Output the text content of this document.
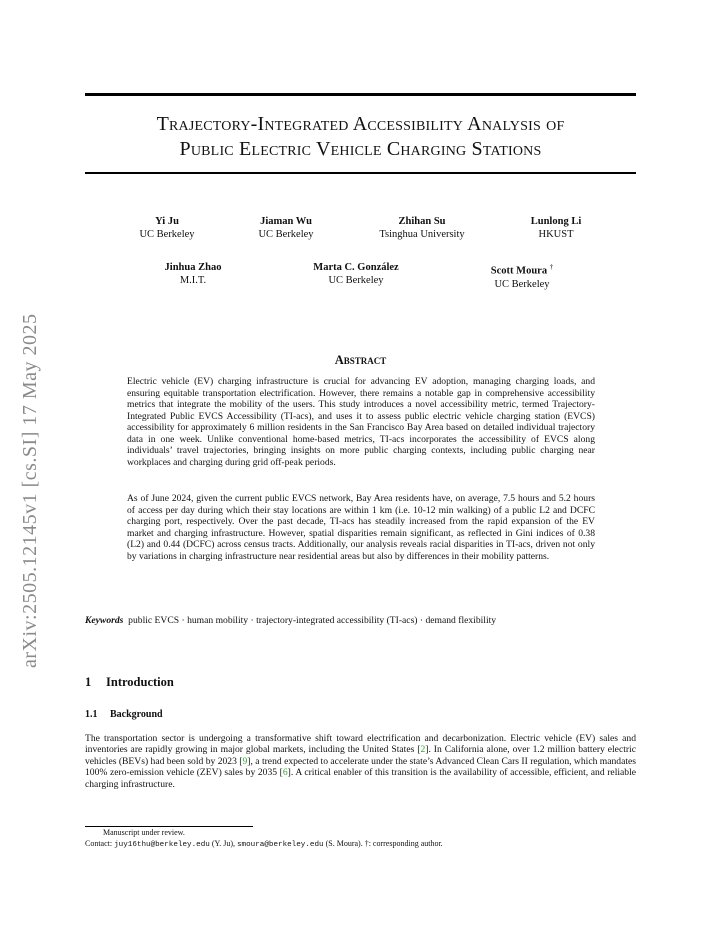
arXiv:2505.12145v1 [cs.SI] 17 May 2025
Trajectory-Integrated Accessibility Analysis of
Public Electric Vehicle Charging Stations
Yi Ju
UC Berkeley
Jiaman Wu
UC Berkeley
Zhihan Su
Tsinghua University
Lunlong Li
HKUST
Jinhua Zhao
M.I.T.
Marta C. González
UC Berkeley
Scott Moura †
UC Berkeley
Abstract

Electric vehicle (EV) charging infrastructure is crucial for advancing EV adoption, managing charging loads, and ensuring equitable transportation electrification. However, there remains a notable gap in comprehensive accessibility metrics that integrate the mobility of the users. This study introduces a novel accessibility metric, termed Trajectory-Integrated Public EVCS Accessibility (TI-acs), and uses it to assess public electric vehicle charging station (EVCS) accessibility for approximately 6 million residents in the San Francisco Bay Area based on detailed individual trajectory data in one week. Unlike conventional home-based metrics, TI-acs incorporates the accessibility of EVCS along individuals’ travel trajectories, bringing insights on more public charging contexts, including public charging near workplaces and charging during grid off-peak periods.

As of June 2024, given the current public EVCS network, Bay Area residents have, on average, 7.5 hours and 5.2 hours of access per day during which their stay locations are within 1 km (i.e. 10-12 min walking) of a public L2 and DCFC charging port, respectively. Over the past decade, TI-acs has steadily increased from the rapid expansion of the EV market and charging infrastructure. However, spatial disparities remain significant, as reflected in Gini indices of 0.38 (L2) and 0.44 (DCFC) across census tracts. Additionally, our analysis reveals racial disparities in TI-acs, driven not only by variations in charging infrastructure near residential areas but also by differences in their mobility patterns.

Keywords public EVCS · human mobility · trajectory-integrated accessibility (TI-acs) · demand flexibility
1 Introduction
1.1 Background

The transportation sector is undergoing a transformative shift toward electrification and decarbonization. Electric vehicle (EV) sales and inventories are rapidly growing in major global markets, including the United States [2]. In California alone, over 1.2 million battery electric vehicles (BEVs) had been sold by 2023 [9], a trend expected to accelerate under the state’s Advanced Clean Cars II regulation, which mandates 100% zero-emission vehicle (ZEV) sales by 2035 [6]. A critical enabler of this transition is the availability of accessible, efficient, and reliable charging infrastructure.

Manuscript under review.
Contact: juy16thu@berkeley.edu (Y. Ju), smoura@berkeley.edu (S. Moura). †: corresponding author.
